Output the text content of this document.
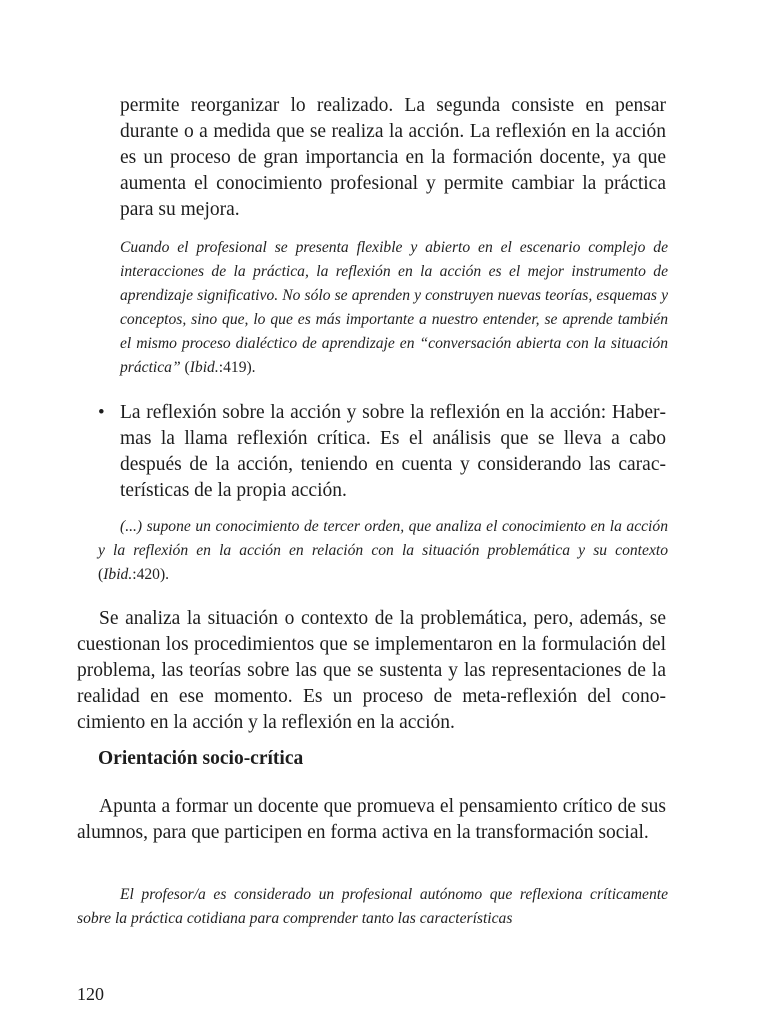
permite reorganizar lo realizado. La segunda consiste en pensar durante o a medida que se realiza la acción. La reflexión en la acción es un proceso de gran importancia en la formación docente, ya que aumenta el conocimiento profesional y permite cambiar la práctica para su mejora.

Cuando el profesional se presenta flexible y abierto en el escenario complejo de interacciones de la práctica, la reflexión en la acción es el mejor instrumento de aprendizaje significativo. No sólo se aprenden y construyen nuevas teorías, esquemas y conceptos, sino que, lo que es más importante a nuestro entender, se aprende también el mismo proceso dialéctico de aprendizaje en “conversación abierta con la situación práctica” (Ibid.:419).

• La reflexión sobre la acción y sobre la reflexión en la acción: Habermas la llama reflexión crítica. Es el análisis que se lleva a cabo después de la acción, teniendo en cuenta y considerando las características de la propia acción.

(...) supone un conocimiento de tercer orden, que analiza el conocimiento en la acción y la reflexión en la acción en relación con la situación problemática y su contexto (Ibid.:420).

Se analiza la situación o contexto de la problemática, pero, además, se cuestionan los procedimientos que se implementaron en la formulación del problema, las teorías sobre las que se sustenta y las representaciones de la realidad en ese momento. Es un proceso de meta-reflexión del conocimiento en la acción y la reflexión en la acción.

Orientación socio-crítica

Apunta a formar un docente que promueva el pensamiento crítico de sus alumnos, para que participen en forma activa en la transformación social.

El profesor/a es considerado un profesional autónomo que reflexiona críticamente sobre la práctica cotidiana para comprender tanto las características

120
